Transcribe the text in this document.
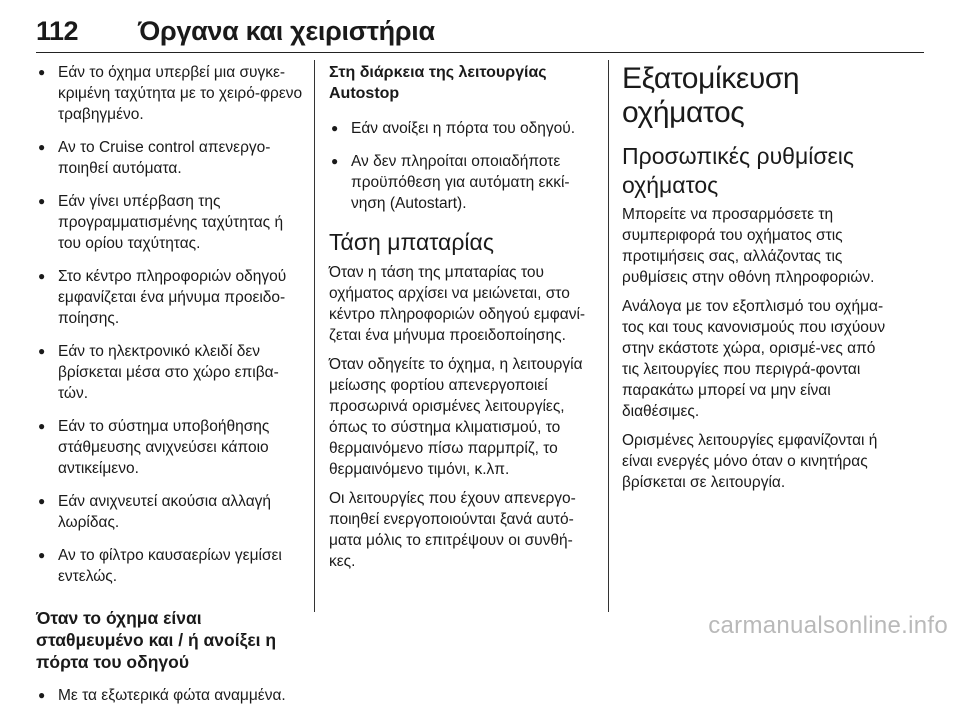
112 Όργανα και χειριστήρια
● Εάν το όχημα υπερβεί μια συγκε-κριμένη ταχύτητα με το χειρό-φρενο τραβηγμένο.
● Αν το Cruise control απενεργο-ποιηθεί αυτόματα.
● Εάν γίνει υπέρβαση της προγραμματισμένης ταχύτητας ή του ορίου ταχύτητας.
● Στο κέντρο πληροφοριών οδηγού εμφανίζεται ένα μήνυμα προειδο-ποίησης.
● Εάν το ηλεκτρονικό κλειδί δεν βρίσκεται μέσα στο χώρο επιβα-τών.
● Εάν το σύστημα υποβοήθησης στάθμευσης ανιχνεύσει κάποιο αντικείμενο.
● Εάν ανιχνευτεί ακούσια αλλαγή λωρίδας.
● Αν το φίλτρο καυσαερίων γεμίσει εντελώς.
Όταν το όχημα είναι σταθμευμένο και / ή ανοίξει η πόρτα του οδηγού
● Με τα εξωτερικά φώτα αναμμένα.
Στη διάρκεια της λειτουργίας Autostop
● Εάν ανοίξει η πόρτα του οδηγού.
● Αν δεν πληροίται οποιαδήποτε προϋπόθεση για αυτόματη εκκί-νηση (Autostart).
Τάση μπαταρίας

Όταν η τάση της μπαταρίας του οχήματος αρχίσει να μειώνεται, στο κέντρο πληροφοριών οδηγού εμφανί-ζεται ένα μήνυμα προειδοποίησης.

Όταν οδηγείτε το όχημα, η λειτουργία μείωσης φορτίου απενεργοποιεί προσωρινά ορισμένες λειτουργίες, όπως το σύστημα κλιματισμού, το θερμαινόμενο πίσω παρμπρίζ, το θερμαινόμενο τιμόνι, κ.λπ.

Οι λειτουργίες που έχουν απενεργο-ποιηθεί ενεργοποιούνται ξανά αυτό-ματα μόλις το επιτρέψουν οι συνθή-κες.

Εξατομίκευση οχήματος
Προσωπικές ρυθμίσεις οχήματος

Μπορείτε να προσαρμόσετε τη συμπεριφορά του οχήματος στις προτιμήσεις σας, αλλάζοντας τις ρυθμίσεις στην οθόνη πληροφοριών.

Ανάλογα με τον εξοπλισμό του οχήμα-τος και τους κανονισμούς που ισχύουν στην εκάστοτε χώρα, ορισμέ-νες από τις λειτουργίες που περιγρά-φονται παρακάτω μπορεί να μην είναι διαθέσιμες.

Ορισμένες λειτουργίες εμφανίζονται ή είναι ενεργές μόνο όταν ο κινητήρας βρίσκεται σε λειτουργία.

carmanualsonline.info
